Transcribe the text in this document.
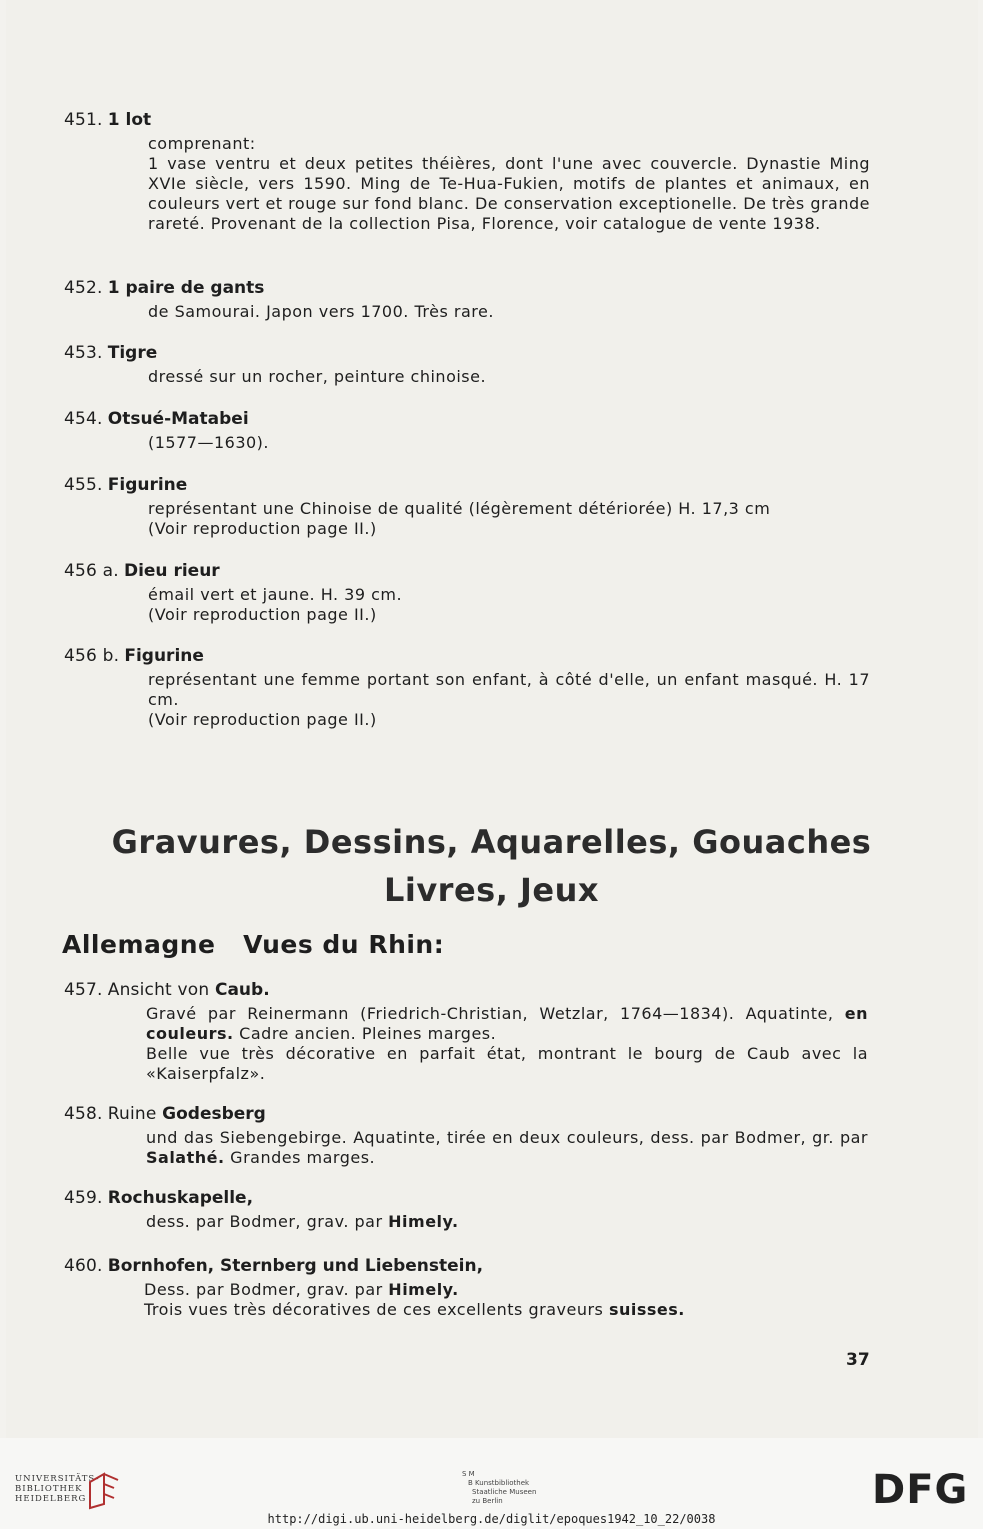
451. 1 lot

comprenant:

1 vase ventru et deux petites théières, dont l'une avec couvercle. Dynastie Ming XVIe siècle, vers 1590. Ming de Te-Hua-Fukien, motifs de plantes et animaux, en couleurs vert et rouge sur fond blanc. De conservation exceptionelle. De très grande rareté. Provenant de la collection Pisa, Florence, voir catalogue de vente 1938.

452. 1 paire de gants

de Samourai. Japon vers 1700. Très rare.

453. Tigre

dressé sur un rocher, peinture chinoise.

454. Otsué-Matabei

(1577—1630).

455. Figurine

représentant une Chinoise de qualité (légèrement détériorée) H. 17,3 cm

(Voir reproduction page II.)

456 a. Dieu rieur

émail vert et jaune. H. 39 cm.

(Voir reproduction page II.)

456 b. Figurine

représentant une femme portant son enfant, à côté d'elle, un enfant masqué. H. 17 cm.

(Voir reproduction page II.)

Gravures, Dessins, Aquarelles, Gouaches
Livres, Jeux
Allemagne   Vues du Rhin:
457. Ansicht von Caub.

Gravé par Reinermann (Friedrich-Christian, Wetzlar, 1764—1834). Aquatinte, en couleurs. Cadre ancien. Pleines marges.

Belle vue très décorative en parfait état, montrant le bourg de Caub avec la «Kaiserpfalz».

458. Ruine Godesberg

und das Siebengebirge. Aquatinte, tirée en deux couleurs, dess. par Bodmer, gr. par Salathé. Grandes marges.

459. Rochuskapelle,

dess. par Bodmer, grav. par Himely.

460. Bornhofen, Sternberg und Liebenstein,

Dess. par Bodmer, grav. par Himely.

Trois vues très décoratives de ces excellents graveurs suisses.

37
UNIVERSITÄTS-
BIBLIOTHEK
HEIDELBERG
S M
B Kunstbibliothek
Staatliche Museen
zu Berlin	DFG
http://digi.ub.uni-heidelberg.de/diglit/epoques1942_10_22/0038
